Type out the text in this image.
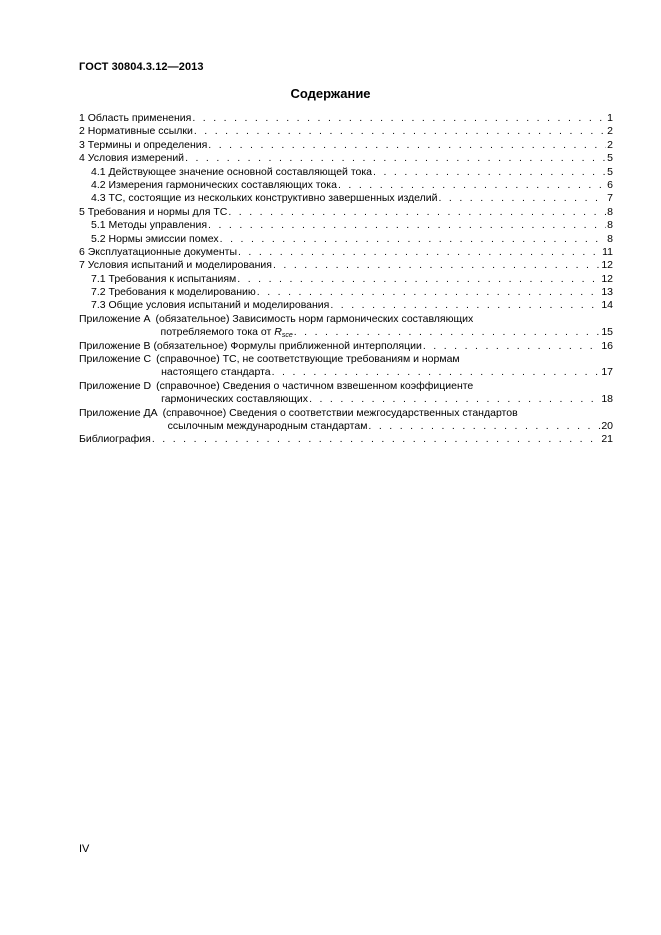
ГОСТ 30804.3.12—2013
Содержание
1 Область применения . . .	1
2 Нормативные ссылки . . .	2
3 Термины и определения . . .	2
4 Условия измерений . . .	5
4.1 Действующее значение основной составляющей тока . . .	5
4.2 Измерения гармонических составляющих тока . . .	6
4.3 ТС, состоящие из нескольких конструктивно завершенных изделий . . .	7
5 Требования и нормы для ТС . . .	8
5.1 Методы управления . . .	8
5.2 Нормы эмиссии помех . . .	8
6 Эксплуатационные документы . . .	11
7 Условия испытаний и моделирования . . .	12
7.1 Требования к испытаниям . . .	12
7.2 Требования к моделированию . . .	13
7.3 Общие условия испытаний и моделирования . . .	14
Приложение А (обязательное) Зависимость норм гармонических составляющих
потребляемого тока от Rsce . . .	15
Приложение В (обязательное) Формулы приближенной интерполяции . . .	16
Приложение С (справочное) ТС, не соответствующие требованиям и нормам
настоящего стандарта . . .	17
Приложение D (справочное) Сведения о частичном взвешенном коэффициенте
гармонических составляющих . . .	18
Приложение ДА (справочное) Сведения о соответствии межгосударственных стандартов
ссылочным международным стандартам . . .	20
Библиография . . .	21
IV
